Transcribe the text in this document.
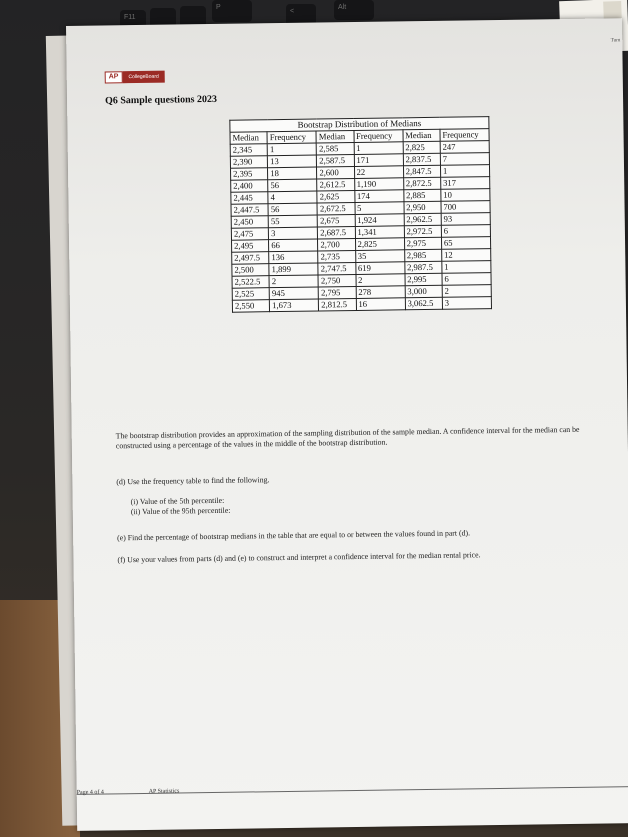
F11
P
<
Alt
Turn
AP	CollegeBoard
Q6 Sample questions 2023
Bootstrap Distribution of Medians					
Median	Frequency	Median	Frequency	Median	Frequency
2,345	1	2,585	1	2,825	247
2,390	13	2,587.5	171	2,837.5	7
2,395	18	2,600	22	2,847.5	1
2,400	56	2,612.5	1,190	2,872.5	317
2,445	4	2,625	174	2,885	10
2,447.5	56	2,672.5	5	2,950	700
2,450	55	2,675	1,924	2,962.5	93
2,475	3	2,687.5	1,341	2,972.5	6
2,495	66	2,700	2,825	2,975	65
2,497.5	136	2,735	35	2,985	12
2,500	1,899	2,747.5	619	2,987.5	1
2,522.5	2	2,750	2	2,995	6
2,525	945	2,795	278	3,000	2
2,550	1,673	2,812.5	16	3,062.5	3
The bootstrap distribution provides an approximation of the sampling distribution of the sample median. A confidence interval for the median can be constructed using a percentage of the values in the middle of the bootstrap distribution.
(d) Use the frequency table to find the following.
(i) Value of the 5th percentile:
(ii) Value of the 95th percentile:
(e) Find the percentage of bootstrap medians in the table that are equal to or between the values found in part (d).
(f) Use your values from parts (d) and (e) to construct and interpret a confidence interval for the median rental price.
Page 4 of 4	AP Statistics
